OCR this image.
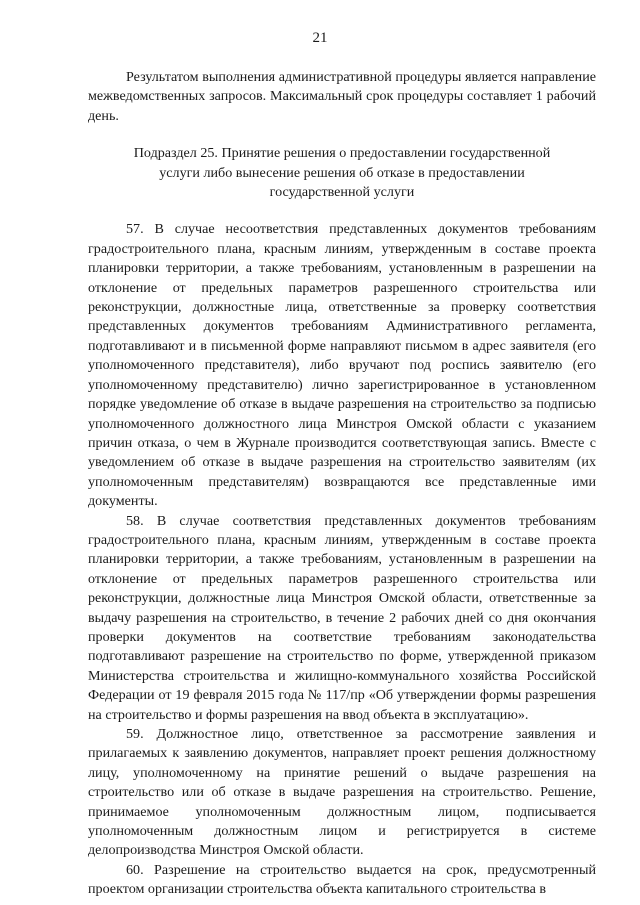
21

Результатом выполнения административной процедуры является направление межведомственных запросов. Максимальный срок процедуры составляет 1 рабочий день.

Подраздел 25. Принятие решения о предоставлении государственной услуги либо вынесение решения об отказе в предоставлении государственной услуги

57. В случае несоответствия представленных документов требованиям градостроительного плана, красным линиям, утвержденным в составе проекта планировки территории, а также требованиям, установленным в разрешении на отклонение от предельных параметров разрешенного строительства или реконструкции, должностные лица, ответственные за проверку соответствия представленных документов требованиям Административного регламента, подготавливают и в письменной форме направляют письмом в адрес заявителя (его уполномоченного представителя), либо вручают под роспись заявителю (его уполномоченному представителю) лично зарегистрированное в установленном порядке уведомление об отказе в выдаче разрешения на строительство за подписью уполномоченного должностного лица Минстроя Омской области с указанием причин отказа, о чем в Журнале производится соответствующая запись. Вместе с уведомлением об отказе в выдаче разрешения на строительство заявителям (их уполномоченным представителям) возвращаются все представленные ими документы.

58. В случае соответствия представленных документов требованиям градостроительного плана, красным линиям, утвержденным в составе проекта планировки территории, а также требованиям, установленным в разрешении на отклонение от предельных параметров разрешенного строительства или реконструкции, должностные лица Минстроя Омской области, ответственные за выдачу разрешения на строительство, в течение 2 рабочих дней со дня окончания проверки документов на соответствие требованиям законодательства подготавливают разрешение на строительство по форме, утвержденной приказом Министерства строительства и жилищно-коммунального хозяйства Российской Федерации от 19 февраля 2015 года № 117/пр «Об утверждении формы разрешения на строительство и формы разрешения на ввод объекта в эксплуатацию».

59. Должностное лицо, ответственное за рассмотрение заявления и прилагаемых к заявлению документов, направляет проект решения должностному лицу, уполномоченному на принятие решений о выдаче разрешения на строительство или об отказе в выдаче разрешения на строительство. Решение, принимаемое уполномоченным должностным лицом, подписывается уполномоченным должностным лицом и регистрируется в системе делопроизводства Минстроя Омской области.

60. Разрешение на строительство выдается на срок, предусмотренный проектом организации строительства объекта капитального строительства в
